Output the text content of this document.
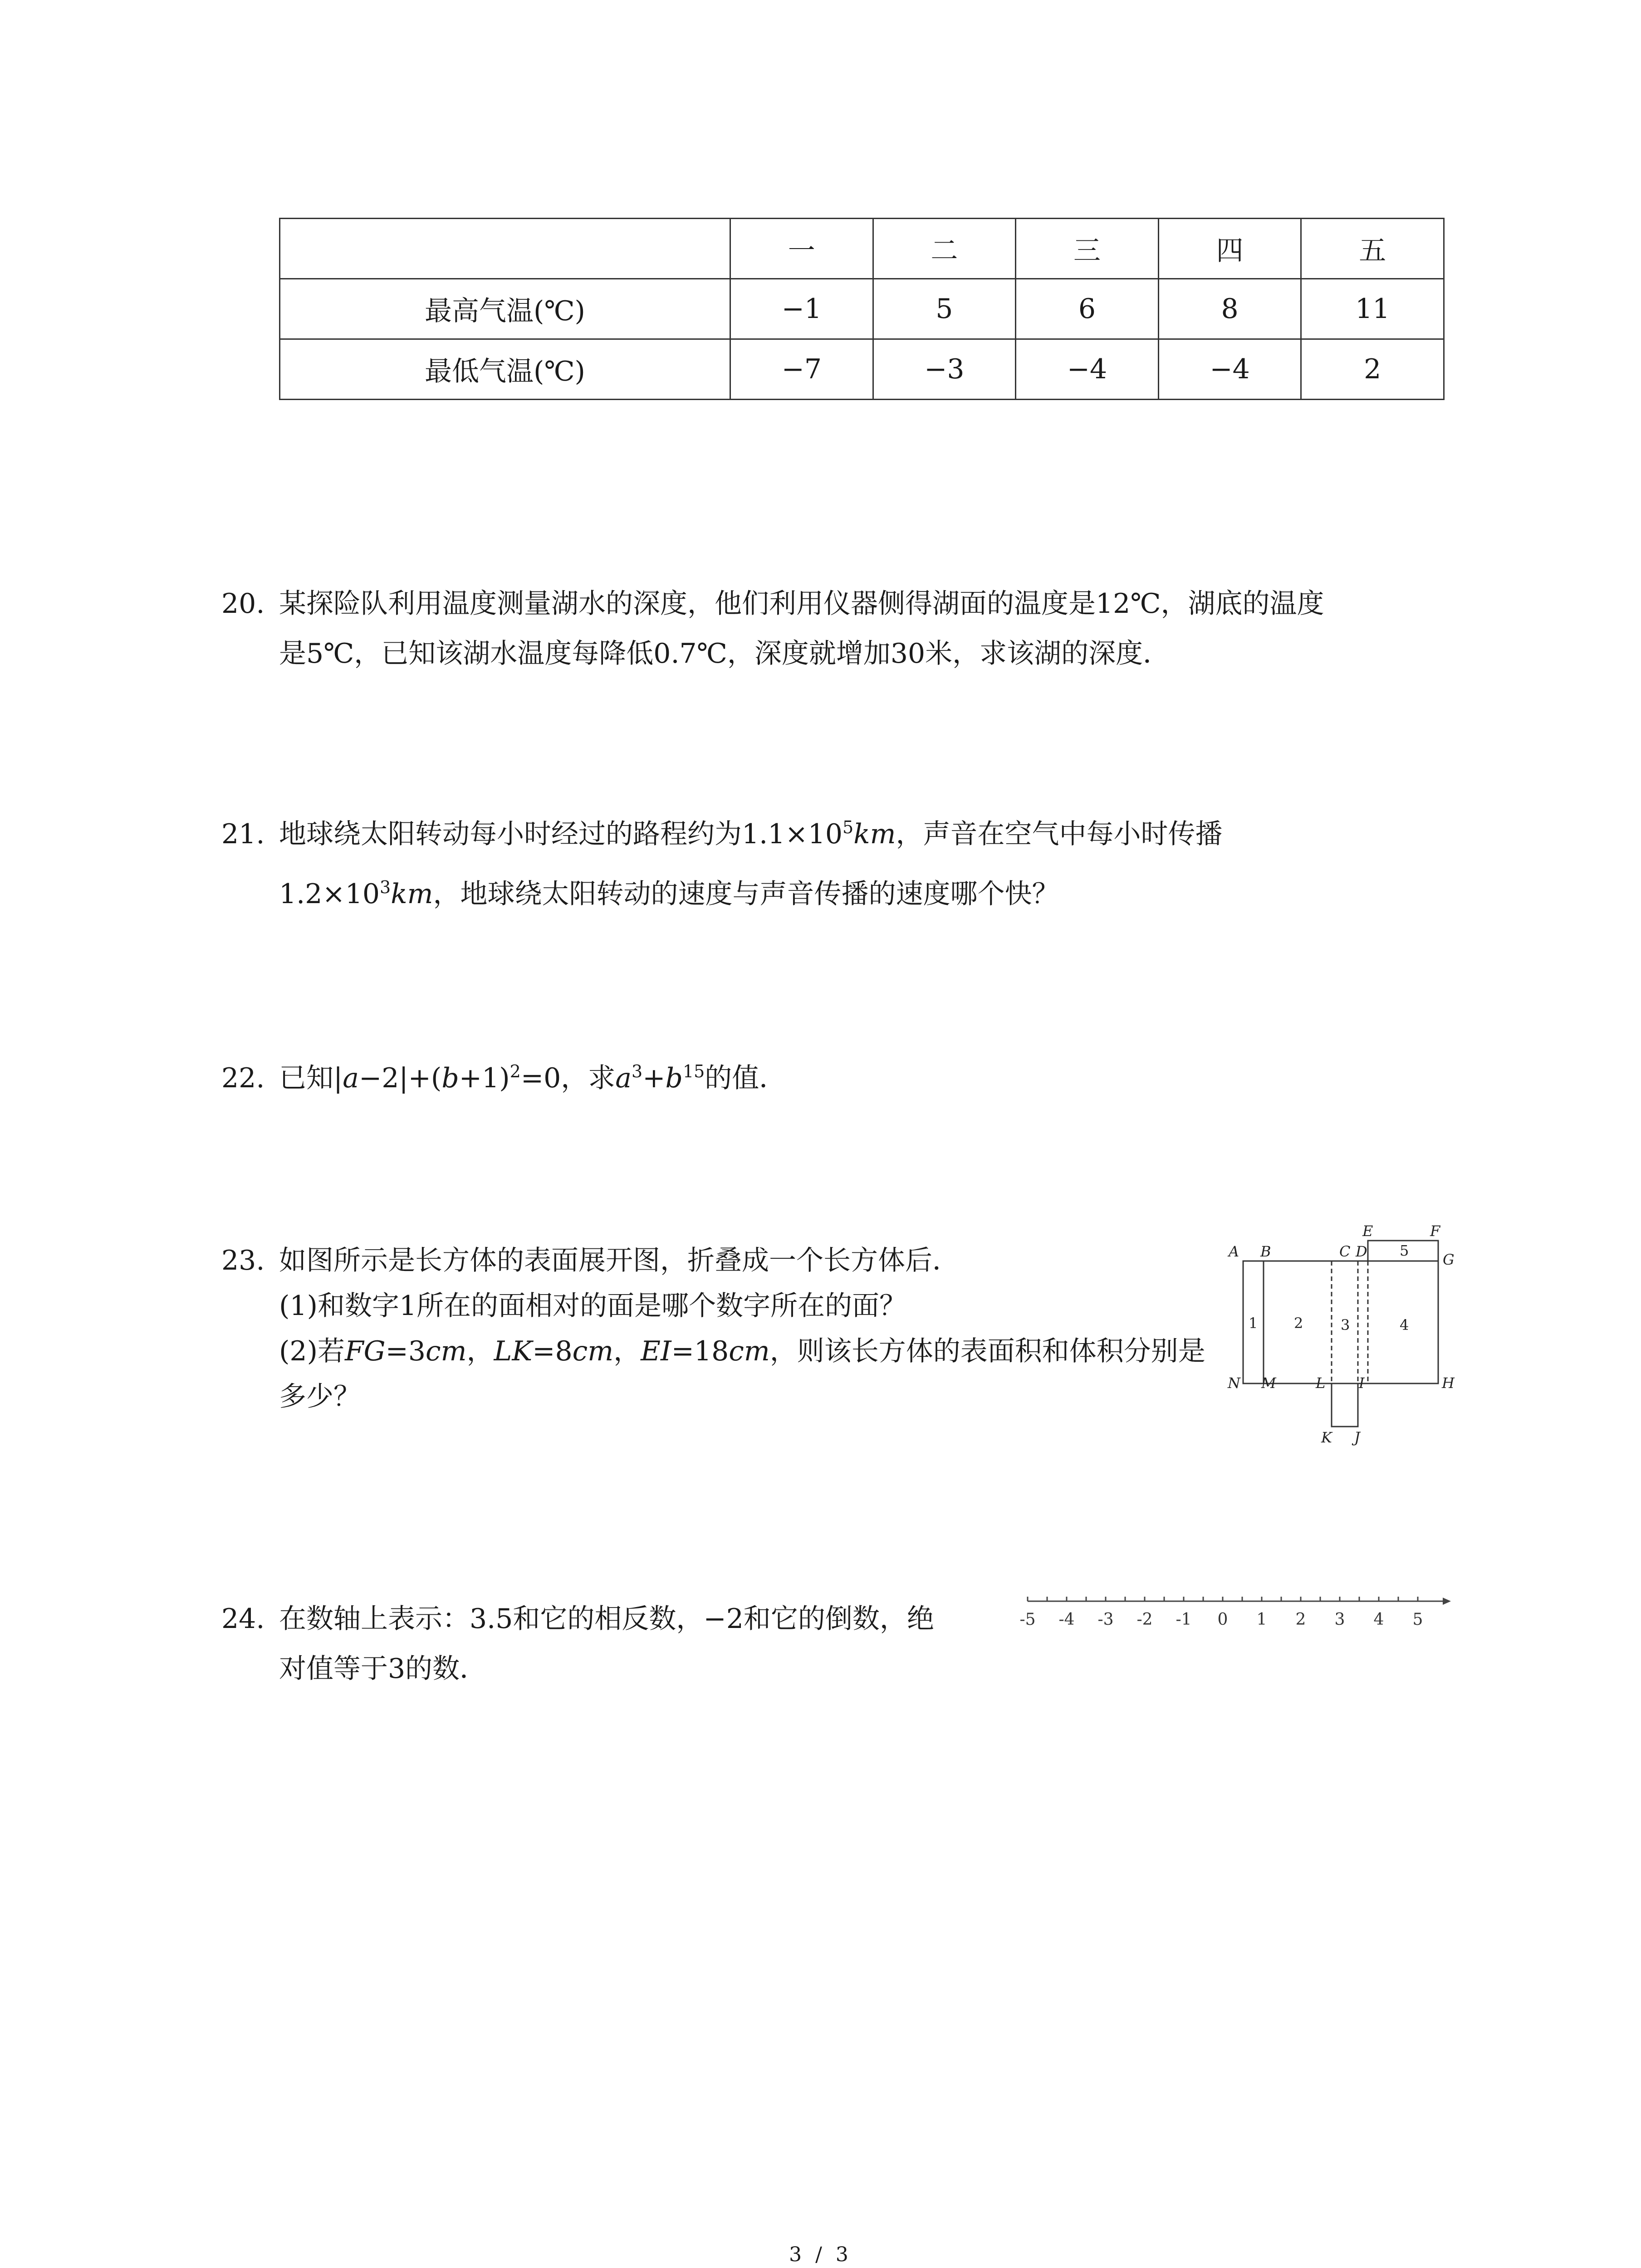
	一	二	三	四	五
最高气温(℃)	−1	5	6	8	11
最低气温(℃)	−7	−3	−4	−4	2
20. 某探险队利用温度测量湖水的深度，他们利用仪器侧得湖面的温度是12℃，湖底的温度
是5℃，已知该湖水温度每降低0.7℃，深度就增加30米，求该湖的深度．
21. 地球绕太阳转动每小时经过的路程约为$1.1\times 10^5km$，声音在空气中每小时传播
$1.2\times 10^3km$，地球绕太阳转动的速度与声音传播的速度哪个快？
22. 已知$|a-2|+(b+1)^2=0$，求$a^3+b^{15}$的值．
23. 如图所示是长方体的表面展开图，折叠成一个长方体后．
(1)和数字1所在的面相对的面是哪个数字所在的面？
(2)若FG=3cm，LK=8cm，EI=18cm，则该长方体的表面积和体积分别是
多少？
A B	C D
E	F
G
H
I
J
K
L
M
N
1 2	3	4
5
24. 在数轴上表示：3.5和它的相反数，−2和它的倒数，绝
对值等于3的数．
-5 -4 -3 -2 -1 0 1 2 3 4 5
3 / 3
